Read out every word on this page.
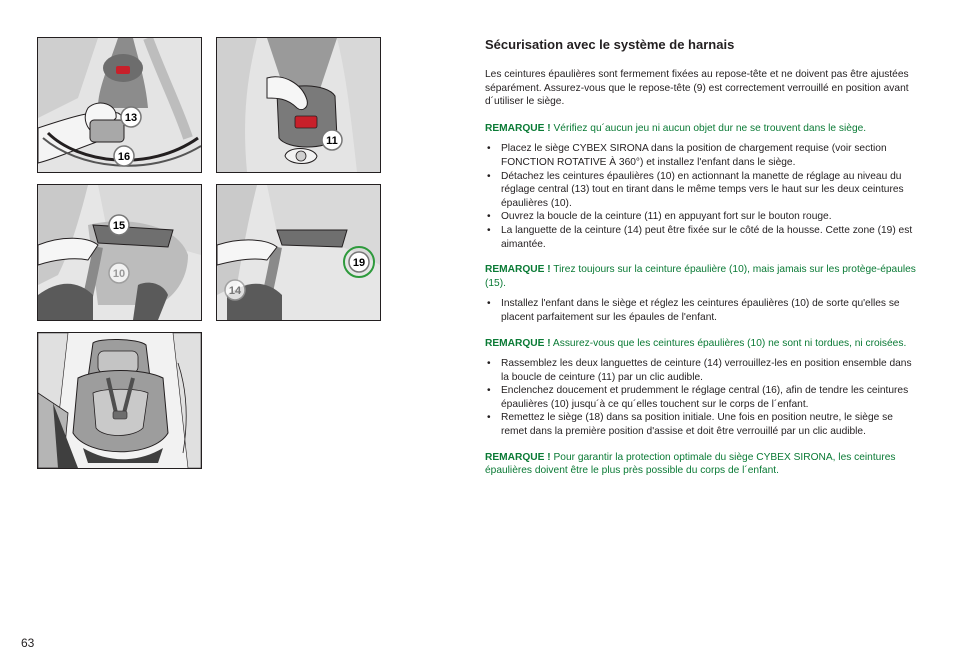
13
16
11
15
10
19
14
Sécurisation avec le système de harnais

Les ceintures épaulières sont fermement fixées au repose-tête et ne doivent pas être ajustées séparément. Assurez-vous que le repose-tête (9) est correctement verrouillé en position avant d´utiliser le siège.

REMARQUE ! Vérifiez qu´aucun jeu ni aucun objet dur ne se trouvent dans le siège.

• Placez le siège CYBEX SIRONA dans la position de chargement requise (voir section FONCTION ROTATIVE À 360°) et installez l'enfant dans le siège.
• Détachez les ceintures épaulières (10) en actionnant la manette de réglage au niveau du réglage central (13) tout en tirant dans le même temps vers le haut sur les deux ceintures épaulières (10).
• Ouvrez la boucle de la ceinture (11) en appuyant fort sur le bouton rouge.
• La languette de la ceinture (14) peut être fixée sur le côté de la housse. Cette zone (19) est aimantée.

REMARQUE ! Tirez toujours sur la ceinture épaulière (10), mais jamais sur les protège-épaules (15).

• Installez l'enfant dans le siège et réglez les ceintures épaulières (10) de sorte qu'elles se placent parfaitement sur les épaules de l'enfant.

REMARQUE ! Assurez-vous que les ceintures épaulières (10) ne sont ni tordues, ni croisées.

• Rassemblez les deux languettes de ceinture (14) verrouillez-les en position ensemble dans la boucle de ceinture (11) par un clic audible.
• Enclenchez doucement et prudemment le réglage central (16), afin de tendre les ceintures épaulières (10) jusqu´à ce qu´elles touchent sur le corps de l´enfant.
• Remettez le siège (18) dans sa position initiale. Une fois en position neutre, le siège se remet dans la première position d'assise et doit être verrouillé par un clic audible.

REMARQUE ! Pour garantir la protection optimale du siège CYBEX SIRONA, les ceintures épaulières doivent être le plus près possible du corps de l´enfant.

63
